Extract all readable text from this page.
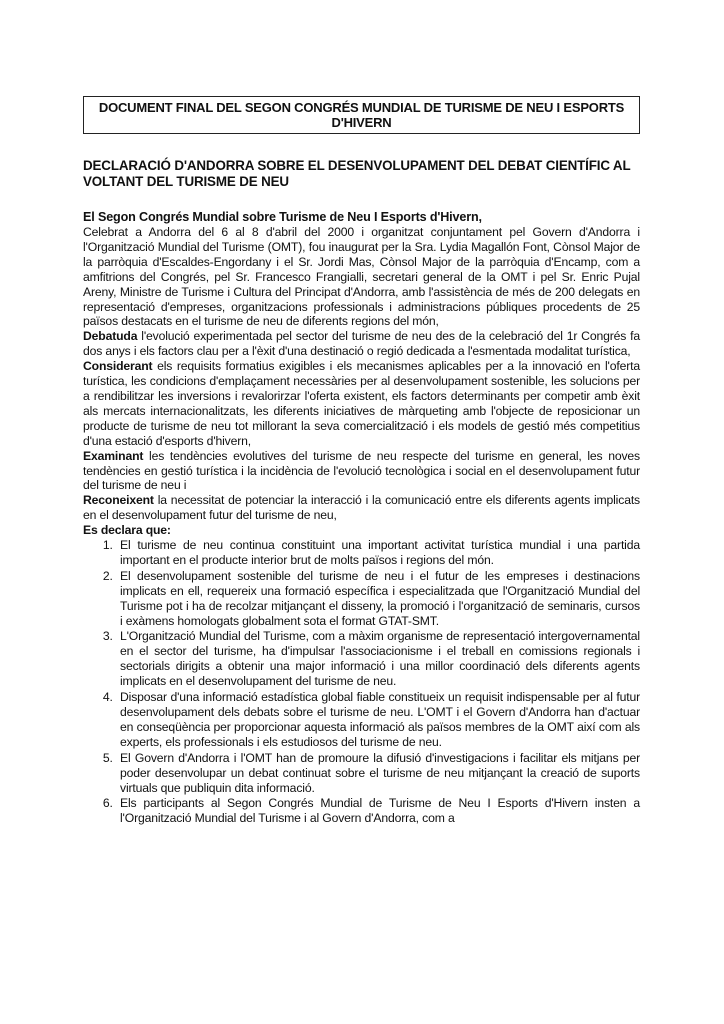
DOCUMENT FINAL DEL SEGON CONGRÉS MUNDIAL DE TURISME DE NEU I ESPORTS D'HIVERN
DECLARACIÓ D'ANDORRA SOBRE EL DESENVOLUPAMENT DEL DEBAT CIENTÍFIC AL VOLTANT DEL TURISME DE NEU
El Segon Congrés Mundial sobre Turisme de Neu I Esports d'Hivern,

Celebrat a Andorra del 6 al 8 d'abril del 2000 i organitzat conjuntament pel Govern d'Andorra i l'Organització Mundial del Turisme (OMT), fou inaugurat per la Sra. Lydia Magallón Font, Cònsol Major de la parròquia d'Escaldes-Engordany i el Sr. Jordi Mas, Cònsol Major de la parròquia d'Encamp, com a amfitrions del Congrés, pel Sr. Francesco Frangialli, secretari general de la OMT i pel Sr. Enric Pujal Areny, Ministre de Turisme i Cultura del Principat d'Andorra, amb l'assistència de més de 200 delegats en representació d'empreses, organitzacions professionals i administracions públiques procedents de 25 països destacats en el turisme de neu de diferents regions del món,

Debatuda l'evolució experimentada pel sector del turisme de neu des de la celebració del 1r Congrés fa dos anys i els factors clau per a l'èxit d'una destinació o regió dedicada a l'esmentada modalitat turística,

Considerant els requisits formatius exigibles i els mecanismes aplicables per a la innovació en l'oferta turística, les condicions d'emplaçament necessàries per al desenvolupament sostenible, les solucions per a rendibilitzar les inversions i revalorirzar l'oferta existent, els factors determinants per competir amb èxit als mercats internacionalitzats, les diferents iniciatives de màrqueting amb l'objecte de reposicionar un producte de turisme de neu tot millorant la seva comercialització i els models de gestió més competitius d'una estació d'esports d'hivern,

Examinant les tendències evolutives del turisme de neu respecte del turisme en general, les noves tendències en gestió turística i la incidència de l'evolució tecnològica i social en el desenvolupament futur del turisme de neu i

Reconeixent la necessitat de potenciar la interacció i la comunicació entre els diferents agents implicats en el desenvolupament futur del turisme de neu,

Es declara que:

1. El turisme de neu continua constituint una important activitat turística mundial i una partida important en el producte interior brut de molts països i regions del món.
2. El desenvolupament sostenible del turisme de neu i el futur de les empreses i destinacions implicats en ell, requereix una formació específica i especialitzada que l'Organització Mundial del Turisme pot i ha de recolzar mitjançant el disseny, la promoció i l'organització de seminaris, cursos i exàmens homologats globalment sota el format GTAT-SMT.
3. L'Organització Mundial del Turisme, com a màxim organisme de representació intergovernamental en el sector del turisme, ha d'impulsar l'associacionisme i el treball en comissions regionals i sectorials dirigits a obtenir una major informació i una millor coordinació dels diferents agents implicats en el desenvolupament del turisme de neu.
4. Disposar d'una informació estadística global fiable constitueix un requisit indispensable per al futur desenvolupament dels debats sobre el turisme de neu. L'OMT i el Govern d'Andorra han d'actuar en conseqüència per proporcionar aquesta informació als països membres de la OMT així com als experts, els professionals i els estudiosos del turisme de neu.
5. El Govern d'Andorra i l'OMT han de promoure la difusió d'investigacions i facilitar els mitjans per poder desenvolupar un debat continuat sobre el turisme de neu mitjançant la creació de suports virtuals que publiquin dita informació.
6. Els participants al Segon Congrés Mundial de Turisme de Neu I Esports d'Hivern insten a l'Organització Mundial del Turisme i al Govern d'Andorra, com a
